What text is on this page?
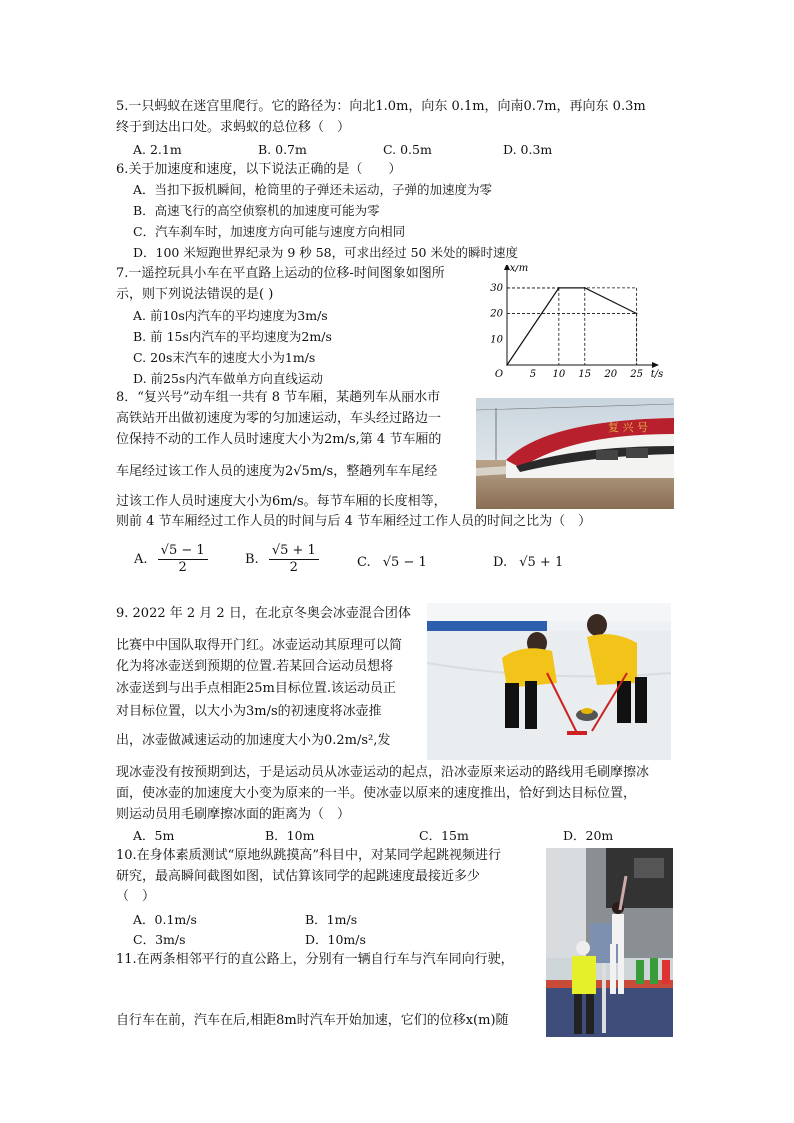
5.一只蚂蚁在迷宫里爬行。它的路径为：向北1.0m，向东 0.1m，向南0.7m，再向东 0.3m
终于到达出口处。求蚂蚁的总位移（　）
A. 2.1m	B. 0.7m	C. 0.5m	D. 0.3m
6.关于加速度和速度，以下说法正确的是（　　）
A．当扣下扳机瞬间，枪筒里的子弹还未运动，子弹的加速度为零
B．高速飞行的高空侦察机的加速度可能为零
C．汽车刹车时，加速度方向可能与速度方向相同
D．100 米短跑世界纪录为 9 秒 58，可求出经过 50 米处的瞬时速度
7.一遥控玩具小车在平直路上运动的位移-时间图象如图所
示，则下列说法错误的是( )
A. 前10s内汽车的平均速度为3m/s
B. 前 15s内汽车的平均速度为2m/s
C. 20s末汽车的速度大小为1m/s
D. 前25s内汽车做单方向直线运动	5 10 15 20 25
10
20
30
O	t/s
x/m
8．“复兴号”动车组一共有 8 节车厢，某趟列车从丽水市
高铁站开出做初速度为零的匀加速运动，车头经过路边一
位保持不动的工作人员时速度大小为2m/s,第 4 节车厢的
车尾经过该工作人员的速度为2√5m/s，整趟列车车尾经
过该工作人员时速度大小为6m/s。每节车厢的长度相等，
则前 4 节车厢经过工作人员的时间与后 4 节车厢经过工作人员的时间之比为（　）
复 兴 号
A. $\frac{√5 - 1}{2}$	B. $\frac{√5 + 1}{2}$	C. √5 − 1	D. √5 + 1
9. 2022 年 2 月 2 日，在北京冬奥会冰壶混合团体
比赛中中国队取得开门红。冰壶运动其原理可以简
化为将冰壶送到预期的位置.若某回合运动员想将
冰壶送到与出手点相距25m目标位置.该运动员正
对目标位置，以大小为3m/s的初速度将冰壶推
出，冰壶做减速运动的加速度大小为0.2m/s²,发
现冰壶没有按预期到达，于是运动员从冰壶运动的起点，沿冰壶原来运动的路线用毛刷摩擦冰
面，使冰壶的加速度大小变为原来的一半。使冰壶以原来的速度推出，恰好到达目标位置，
则运动员用毛刷摩擦冰面的距离为（　）
A．5m	B．10m	C．15m	D．20m
10.在身体素质测试“原地纵跳摸高”科目中，对某同学起跳视频进行
研究，最高瞬间截图如图，试估算该同学的起跳速度最接近多少
（　）
A．0.1m/s	B．1m/s
C．3m/s	D．10m/s
11.在两条相邻平行的直公路上，分别有一辆自行车与汽车同向行驶，
自行车在前，汽车在后,相距8m时汽车开始加速，它们的位移x(m)随
